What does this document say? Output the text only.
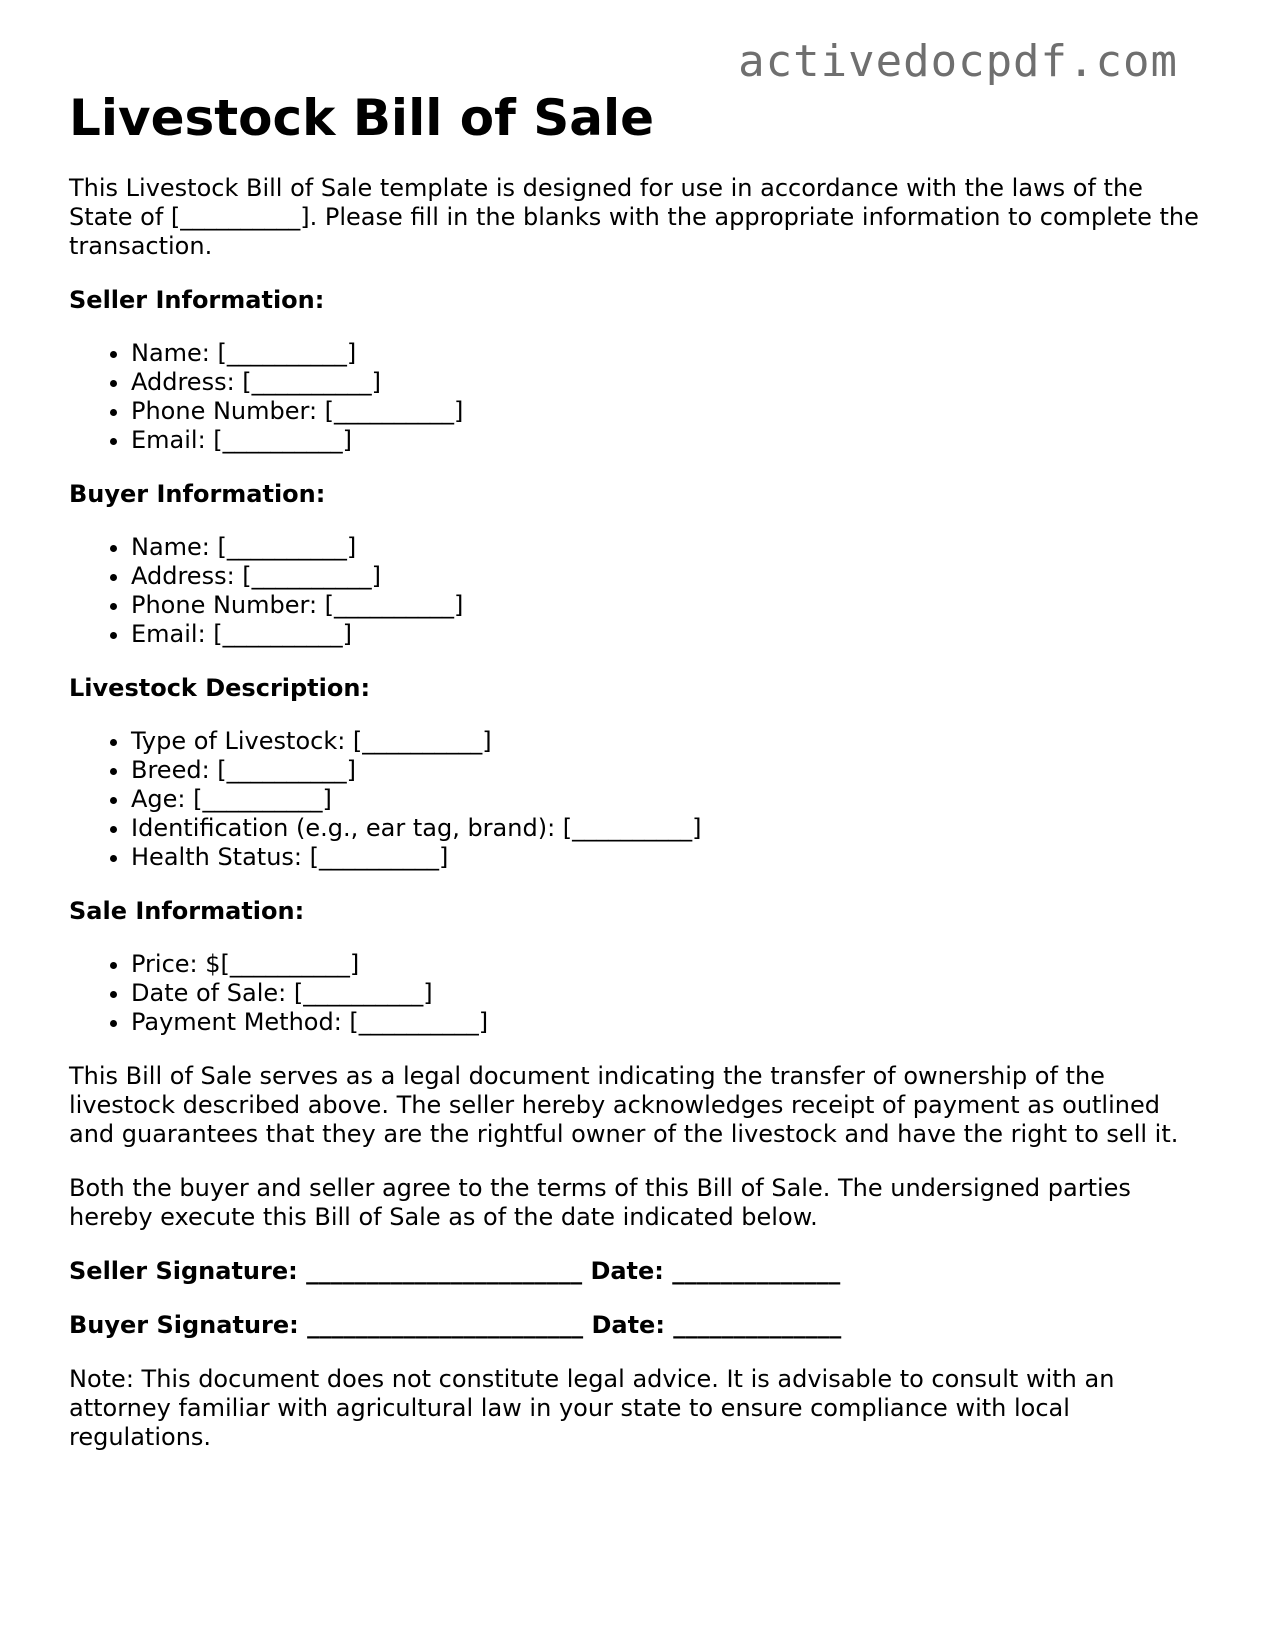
activedocpdf.com
Livestock Bill of Sale

This Livestock Bill of Sale template is designed for use in accordance with the laws of the State of [__________]. Please fill in the blanks with the appropriate information to complete the transaction.

Seller Information:

• Name: [__________]
• Address: [__________]
• Phone Number: [__________]
• Email: [__________]

Buyer Information:

• Name: [__________]
• Address: [__________]
• Phone Number: [__________]
• Email: [__________]

Livestock Description:

• Type of Livestock: [__________]
• Breed: [__________]
• Age: [__________]
• Identification (e.g., ear tag, brand): [__________]
• Health Status: [__________]

Sale Information:

• Price: $[__________]
• Date of Sale: [__________]
• Payment Method: [__________]

This Bill of Sale serves as a legal document indicating the transfer of ownership of the livestock described above. The seller hereby acknowledges receipt of payment as outlined and guarantees that they are the rightful owner of the livestock and have the right to sell it.

Both the buyer and seller agree to the terms of this Bill of Sale. The undersigned parties hereby execute this Bill of Sale as of the date indicated below.

Seller Signature: _______________________ Date: ______________

Buyer Signature: _______________________ Date: ______________

Note: This document does not constitute legal advice. It is advisable to consult with an attorney familiar with agricultural law in your state to ensure compliance with local regulations.
